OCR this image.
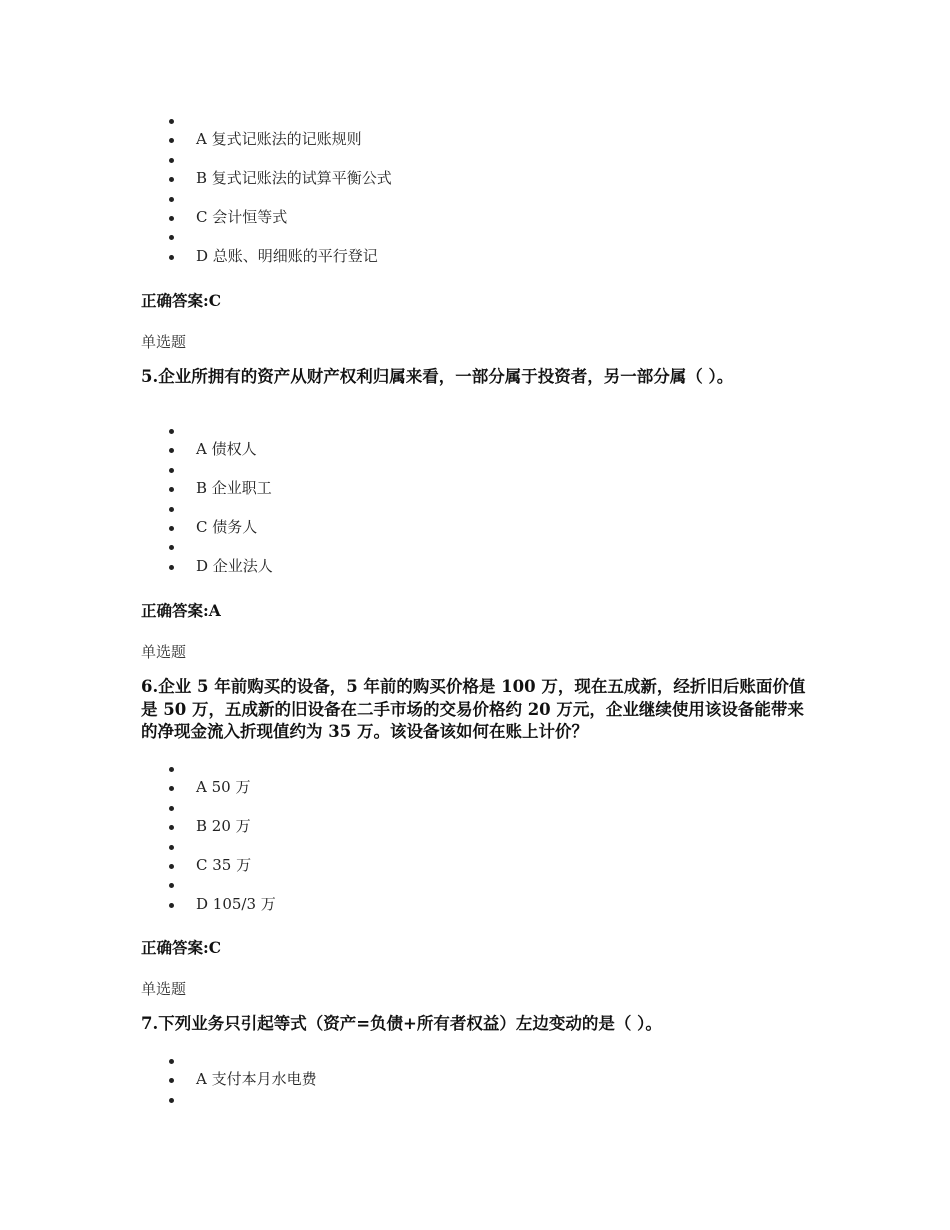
A 复式记账法的记账规则
B 复式记账法的试算平衡公式
C 会计恒等式
D 总账、明细账的平行登记
正确答案:C
单选题
5.企业所拥有的资产从财产权利归属来看，一部分属于投资者，另一部分属（ ）。
A 债权人
B 企业职工
C 债务人
D 企业法人
正确答案:A
单选题
6.企业 5 年前购买的设备，5 年前的购买价格是 100 万，现在五成新，经折旧后账面价值是 50 万，五成新的旧设备在二手市场的交易价格约 20 万元，企业继续使用该设备能带来的净现金流入折现值约为 35 万。该设备该如何在账上计价？
A 50 万
B 20 万
C 35 万
D 105/3 万
正确答案:C
单选题
7.下列业务只引起等式（资产=负债+所有者权益）左边变动的是（ ）。
A 支付本月水电费
